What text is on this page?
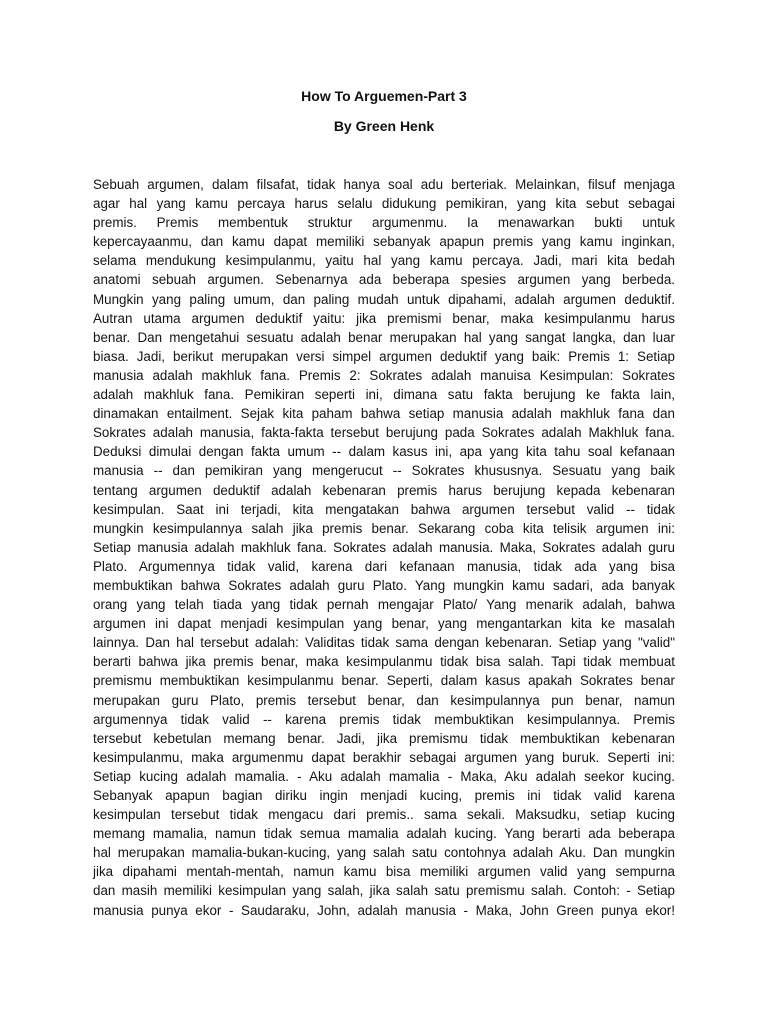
How To Arguemen-Part 3
By Green Henk
Sebuah argumen, dalam filsafat, tidak hanya soal adu berteriak. Melainkan, filsuf menjaga
agar hal yang kamu percaya harus selalu didukung pemikiran, yang kita sebut sebagai
premis. Premis membentuk struktur argumenmu. Ia menawarkan bukti untuk
kepercayaanmu, dan kamu dapat memiliki sebanyak apapun premis yang kamu inginkan,
selama mendukung kesimpulanmu, yaitu hal yang kamu percaya. Jadi, mari kita bedah
anatomi sebuah argumen. Sebenarnya ada beberapa spesies argumen yang berbeda.
Mungkin yang paling umum, dan paling mudah untuk dipahami, adalah argumen deduktif.
Autran utama argumen deduktif yaitu: jika premismi benar, maka kesimpulanmu harus
benar. Dan mengetahui sesuatu adalah benar merupakan hal yang sangat langka, dan luar
biasa. Jadi, berikut merupakan versi simpel argumen deduktif yang baik: Premis 1: Setiap
manusia adalah makhluk fana. Premis 2: Sokrates adalah manuisa Kesimpulan: Sokrates
adalah makhluk fana. Pemikiran seperti ini, dimana satu fakta berujung ke fakta lain,
dinamakan entailment. Sejak kita paham bahwa setiap manusia adalah makhluk fana dan
Sokrates adalah manusia, fakta-fakta tersebut berujung pada Sokrates adalah Makhluk fana.
Deduksi dimulai dengan fakta umum -- dalam kasus ini, apa yang kita tahu soal kefanaan
manusia -- dan pemikiran yang mengerucut -- Sokrates khususnya. Sesuatu yang baik
tentang argumen deduktif adalah kebenaran premis harus berujung kepada kebenaran
kesimpulan. Saat ini terjadi, kita mengatakan bahwa argumen tersebut valid -- tidak
mungkin kesimpulannya salah jika premis benar. Sekarang coba kita telisik argumen ini:
Setiap manusia adalah makhluk fana. Sokrates adalah manusia. Maka, Sokrates adalah guru
Plato. Argumennya tidak valid, karena dari kefanaan manusia, tidak ada yang bisa
membuktikan bahwa Sokrates adalah guru Plato. Yang mungkin kamu sadari, ada banyak
orang yang telah tiada yang tidak pernah mengajar Plato/ Yang menarik adalah, bahwa
argumen ini dapat menjadi kesimpulan yang benar, yang mengantarkan kita ke masalah
lainnya. Dan hal tersebut adalah: Validitas tidak sama dengan kebenaran. Setiap yang "valid"
berarti bahwa jika premis benar, maka kesimpulanmu tidak bisa salah. Tapi tidak membuat
premismu membuktikan kesimpulanmu benar. Seperti, dalam kasus apakah Sokrates benar
merupakan guru Plato, premis tersebut benar, dan kesimpulannya pun benar, namun
argumennya tidak valid -- karena premis tidak membuktikan kesimpulannya. Premis
tersebut kebetulan memang benar. Jadi, jika premismu tidak membuktikan kebenaran
kesimpulanmu, maka argumenmu dapat berakhir sebagai argumen yang buruk. Seperti ini:
Setiap kucing adalah mamalia. - Aku adalah mamalia - Maka, Aku adalah seekor kucing.
Sebanyak apapun bagian diriku ingin menjadi kucing, premis ini tidak valid karena
kesimpulan tersebut tidak mengacu dari premis.. sama sekali. Maksudku, setiap kucing
memang mamalia, namun tidak semua mamalia adalah kucing. Yang berarti ada beberapa
hal merupakan mamalia-bukan-kucing, yang salah satu contohnya adalah Aku. Dan mungkin
jika dipahami mentah-mentah, namun kamu bisa memiliki argumen valid yang sempurna
dan masih memiliki kesimpulan yang salah, jika salah satu premismu salah. Contoh: - Setiap
manusia punya ekor - Saudaraku, John, adalah manusia - Maka, John Green punya ekor!
